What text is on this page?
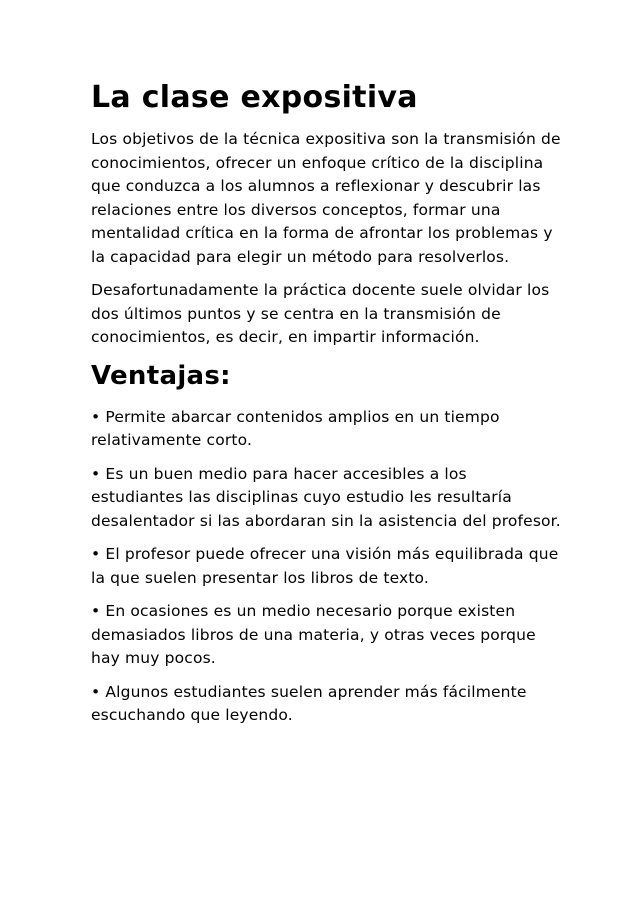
La clase expositiva

Los objetivos de la técnica expositiva son la transmisión de conocimientos, ofrecer un enfoque crítico de la disciplina que conduzca a los alumnos a reflexionar y descubrir las relaciones entre los diversos conceptos, formar una mentalidad crítica en la forma de afrontar los problemas y la capacidad para elegir un método para resolverlos.

Desafortunadamente la práctica docente suele olvidar los dos últimos puntos y se centra en la transmisión de conocimientos, es decir, en impartir información.

Ventajas:

• Permite abarcar contenidos amplios en un tiempo relativamente corto.

• Es un buen medio para hacer accesibles a los estudiantes las disciplinas cuyo estudio les resultaría desalentador si las abordaran sin la asistencia del profesor.

• El profesor puede ofrecer una visión más equilibrada que la que suelen presentar los libros de texto.

• En ocasiones es un medio necesario porque existen demasiados libros de una materia, y otras veces porque hay muy pocos.

• Algunos estudiantes suelen aprender más fácilmente escuchando que leyendo.
